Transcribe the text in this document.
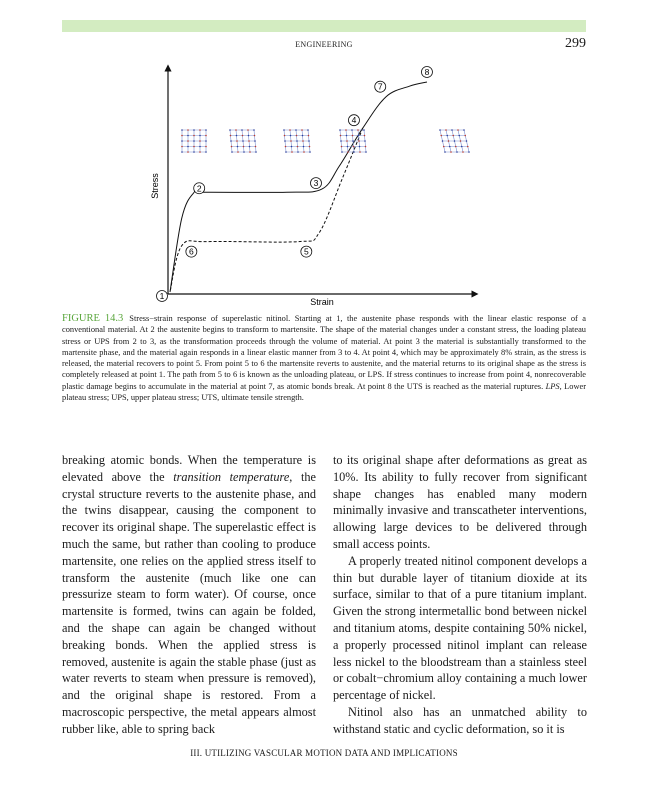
ENGINEERING	299
Strain
Stress
1
2
3
4
5
6
7
8
FIGURE 14.3 Stress−strain response of superelastic nitinol. Starting at 1, the austenite phase responds with the linear elastic response of a conventional material. At 2 the austenite begins to transform to martensite. The shape of the material changes under a constant stress, the loading plateau stress or UPS from 2 to 3, as the transformation proceeds through the volume of material. At point 3 the material is substantially transformed to the martensite phase, and the material again responds in a linear elastic manner from 3 to 4. At point 4, which may be approximately 8% strain, as the stress is released, the material recovers to point 5. From point 5 to 6 the martensite reverts to austenite, and the material returns to its original shape as the stress is completely released at point 1. The path from 5 to 6 is known as the unloading plateau, or LPS. If stress continues to increase from point 4, nonrecoverable plastic damage begins to accumulate in the material at point 7, as atomic bonds break. At point 8 the UTS is reached as the material ruptures. LPS, Lower plateau stress; UPS, upper plateau stress; UTS, ultimate tensile strength.

breaking atomic bonds. When the temperature is elevated above the transition temperature, the crystal structure reverts to the austenite phase, and the twins disappear, causing the component to recover its original shape. The superelastic effect is much the same, but rather than cooling to produce martensite, one relies on the applied stress itself to transform the austenite (much like one can pressurize steam to form water). Of course, once martensite is formed, twins can again be folded, and the shape can again be changed without breaking bonds. When the applied stress is removed, austenite is again the stable phase (just as water reverts to steam when pressure is removed), and the original shape is restored. From a macroscopic perspective, the metal appears almost rubber like, able to spring back

to its original shape after deformations as great as 10%. Its ability to fully recover from significant shape changes has enabled many modern minimally invasive and transcatheter interventions, allowing large devices to be delivered through small access points.

A properly treated nitinol component develops a thin but durable layer of titanium dioxide at its surface, similar to that of a pure titanium implant. Given the strong intermetallic bond between nickel and titanium atoms, despite containing 50% nickel, a properly processed nitinol implant can release less nickel to the bloodstream than a stainless steel or cobalt−chromium alloy containing a much lower percentage of nickel.

Nitinol also has an unmatched ability to withstand static and cyclic deformation, so it is

III. UTILIZING VASCULAR MOTION DATA AND IMPLICATIONS
